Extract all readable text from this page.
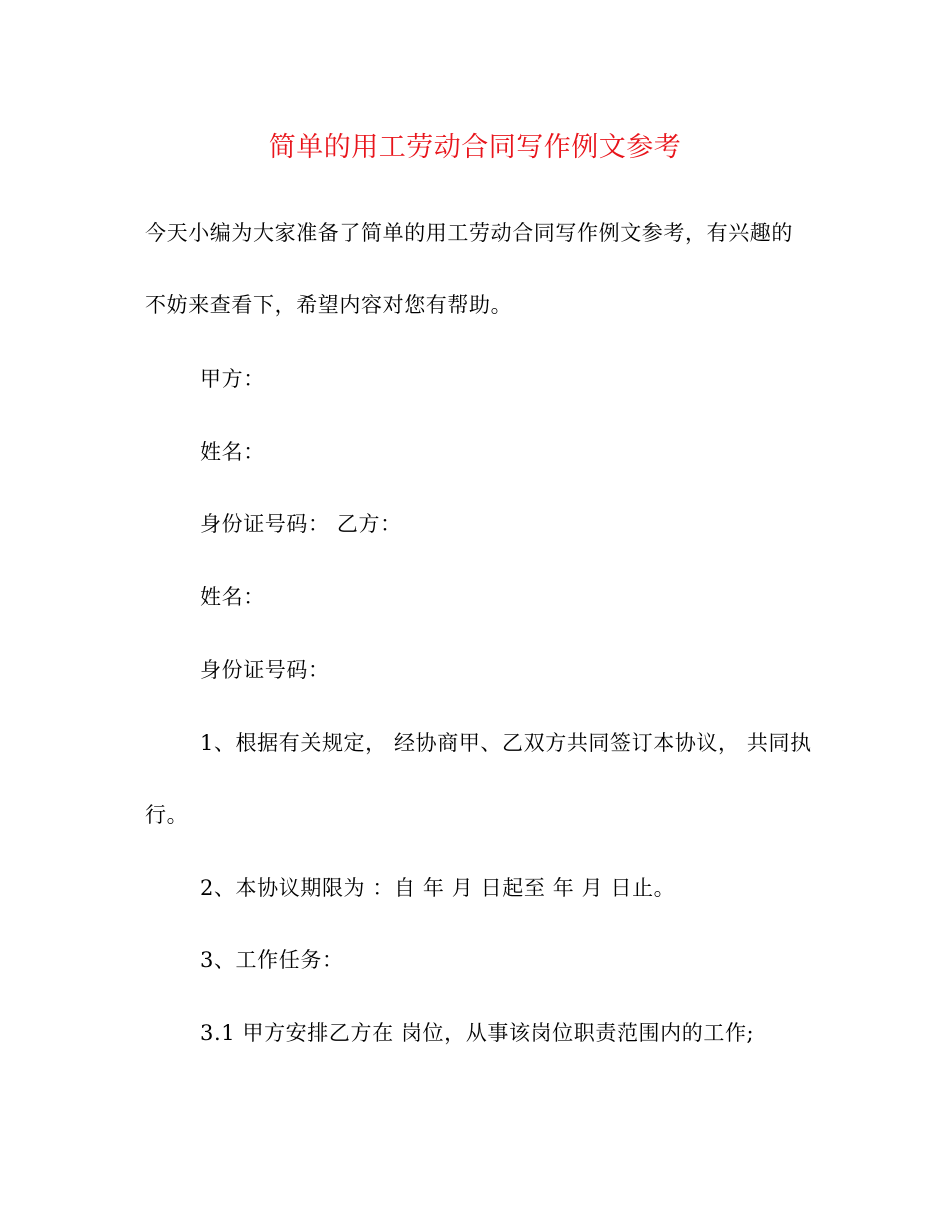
简单的用工劳动合同写作例文参考
今天小编为大家准备了简单的用工劳动合同写作例文参考，有兴趣的
不妨来查看下，希望内容对您有帮助。
甲方：
姓名：
身份证号码： 乙方：
姓名：
身份证号码：
1、根据有关规定， 经协商甲、乙双方共同签订本协议， 共同执
行。
2、本协议期限为 ：自 年 月 日起至 年 月 日止。
3、工作任务：
3.1 甲方安排乙方在 岗位，从事该岗位职责范围内的工作;
